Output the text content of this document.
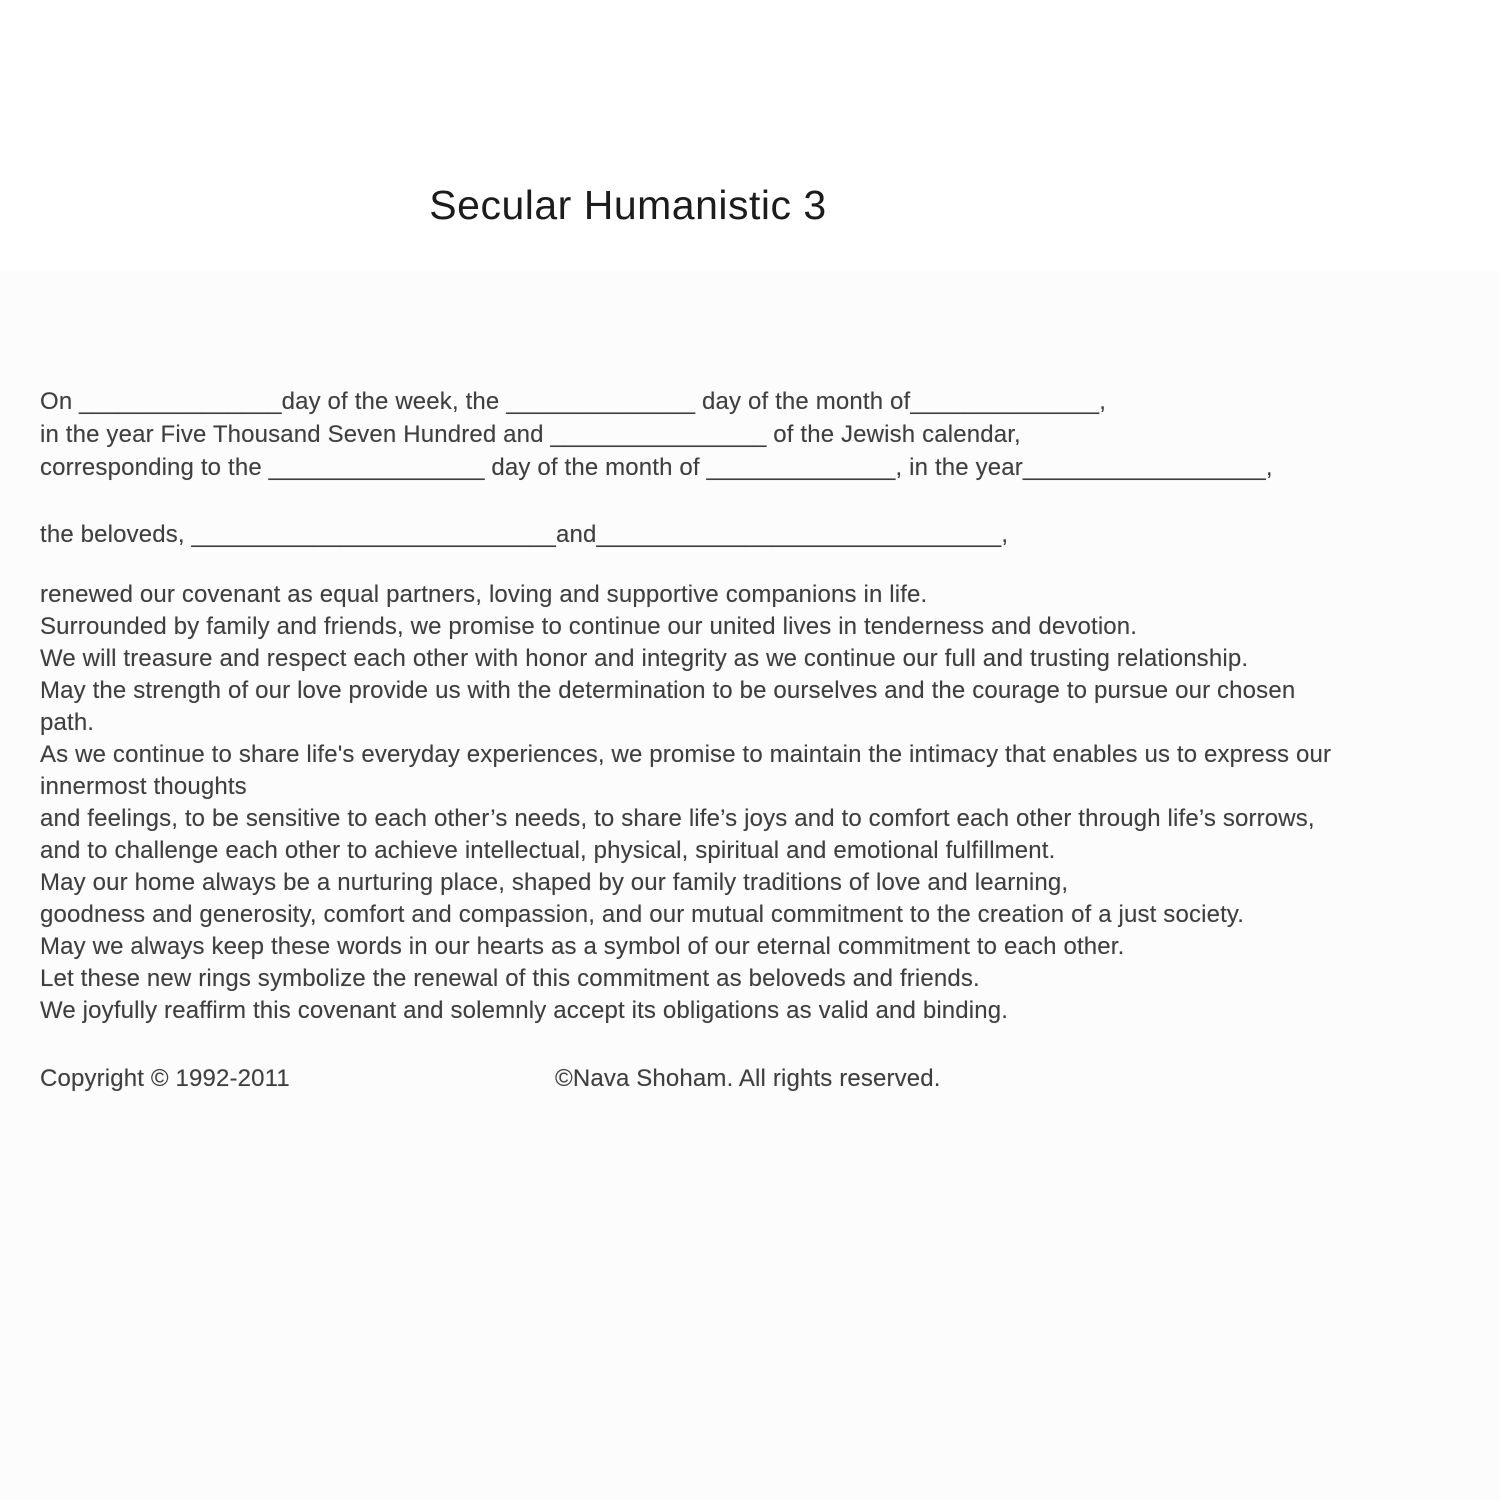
Secular Humanistic 3
On _______________day of the week, the ______________ day of the month of______________,
in the year Five Thousand Seven Hundred and ________________ of the Jewish calendar,
corresponding to the ________________ day of the month of ______________, in the year__________________,
the beloveds, ___________________________and______________________________,
renewed our covenant as equal partners, loving and supportive companions in life.
Surrounded by family and friends, we promise to continue our united lives in tenderness and devotion.
We will treasure and respect each other with honor and integrity as we continue our full and trusting relationship.
May the strength of our love provide us with the determination to be ourselves and the courage to pursue our chosen
path.
As we continue to share life's everyday experiences, we promise to maintain the intimacy that enables us to express our
innermost thoughts
and feelings, to be sensitive to each other’s needs, to share life’s joys and to comfort each other through life’s sorrows,
and to challenge each other to achieve intellectual, physical, spiritual and emotional fulfillment.
May our home always be a nurturing place, shaped by our family traditions of love and learning,
goodness and generosity, comfort and compassion, and our mutual commitment to the creation of a just society.
May we always keep these words in our hearts as a symbol of our eternal commitment to each other.
Let these new rings symbolize the renewal of this commitment as beloveds and friends.
We joyfully reaffirm this covenant and solemnly accept its obligations as valid and binding.
Copyright © 1992-2011	©Nava Shoham. All rights reserved.
